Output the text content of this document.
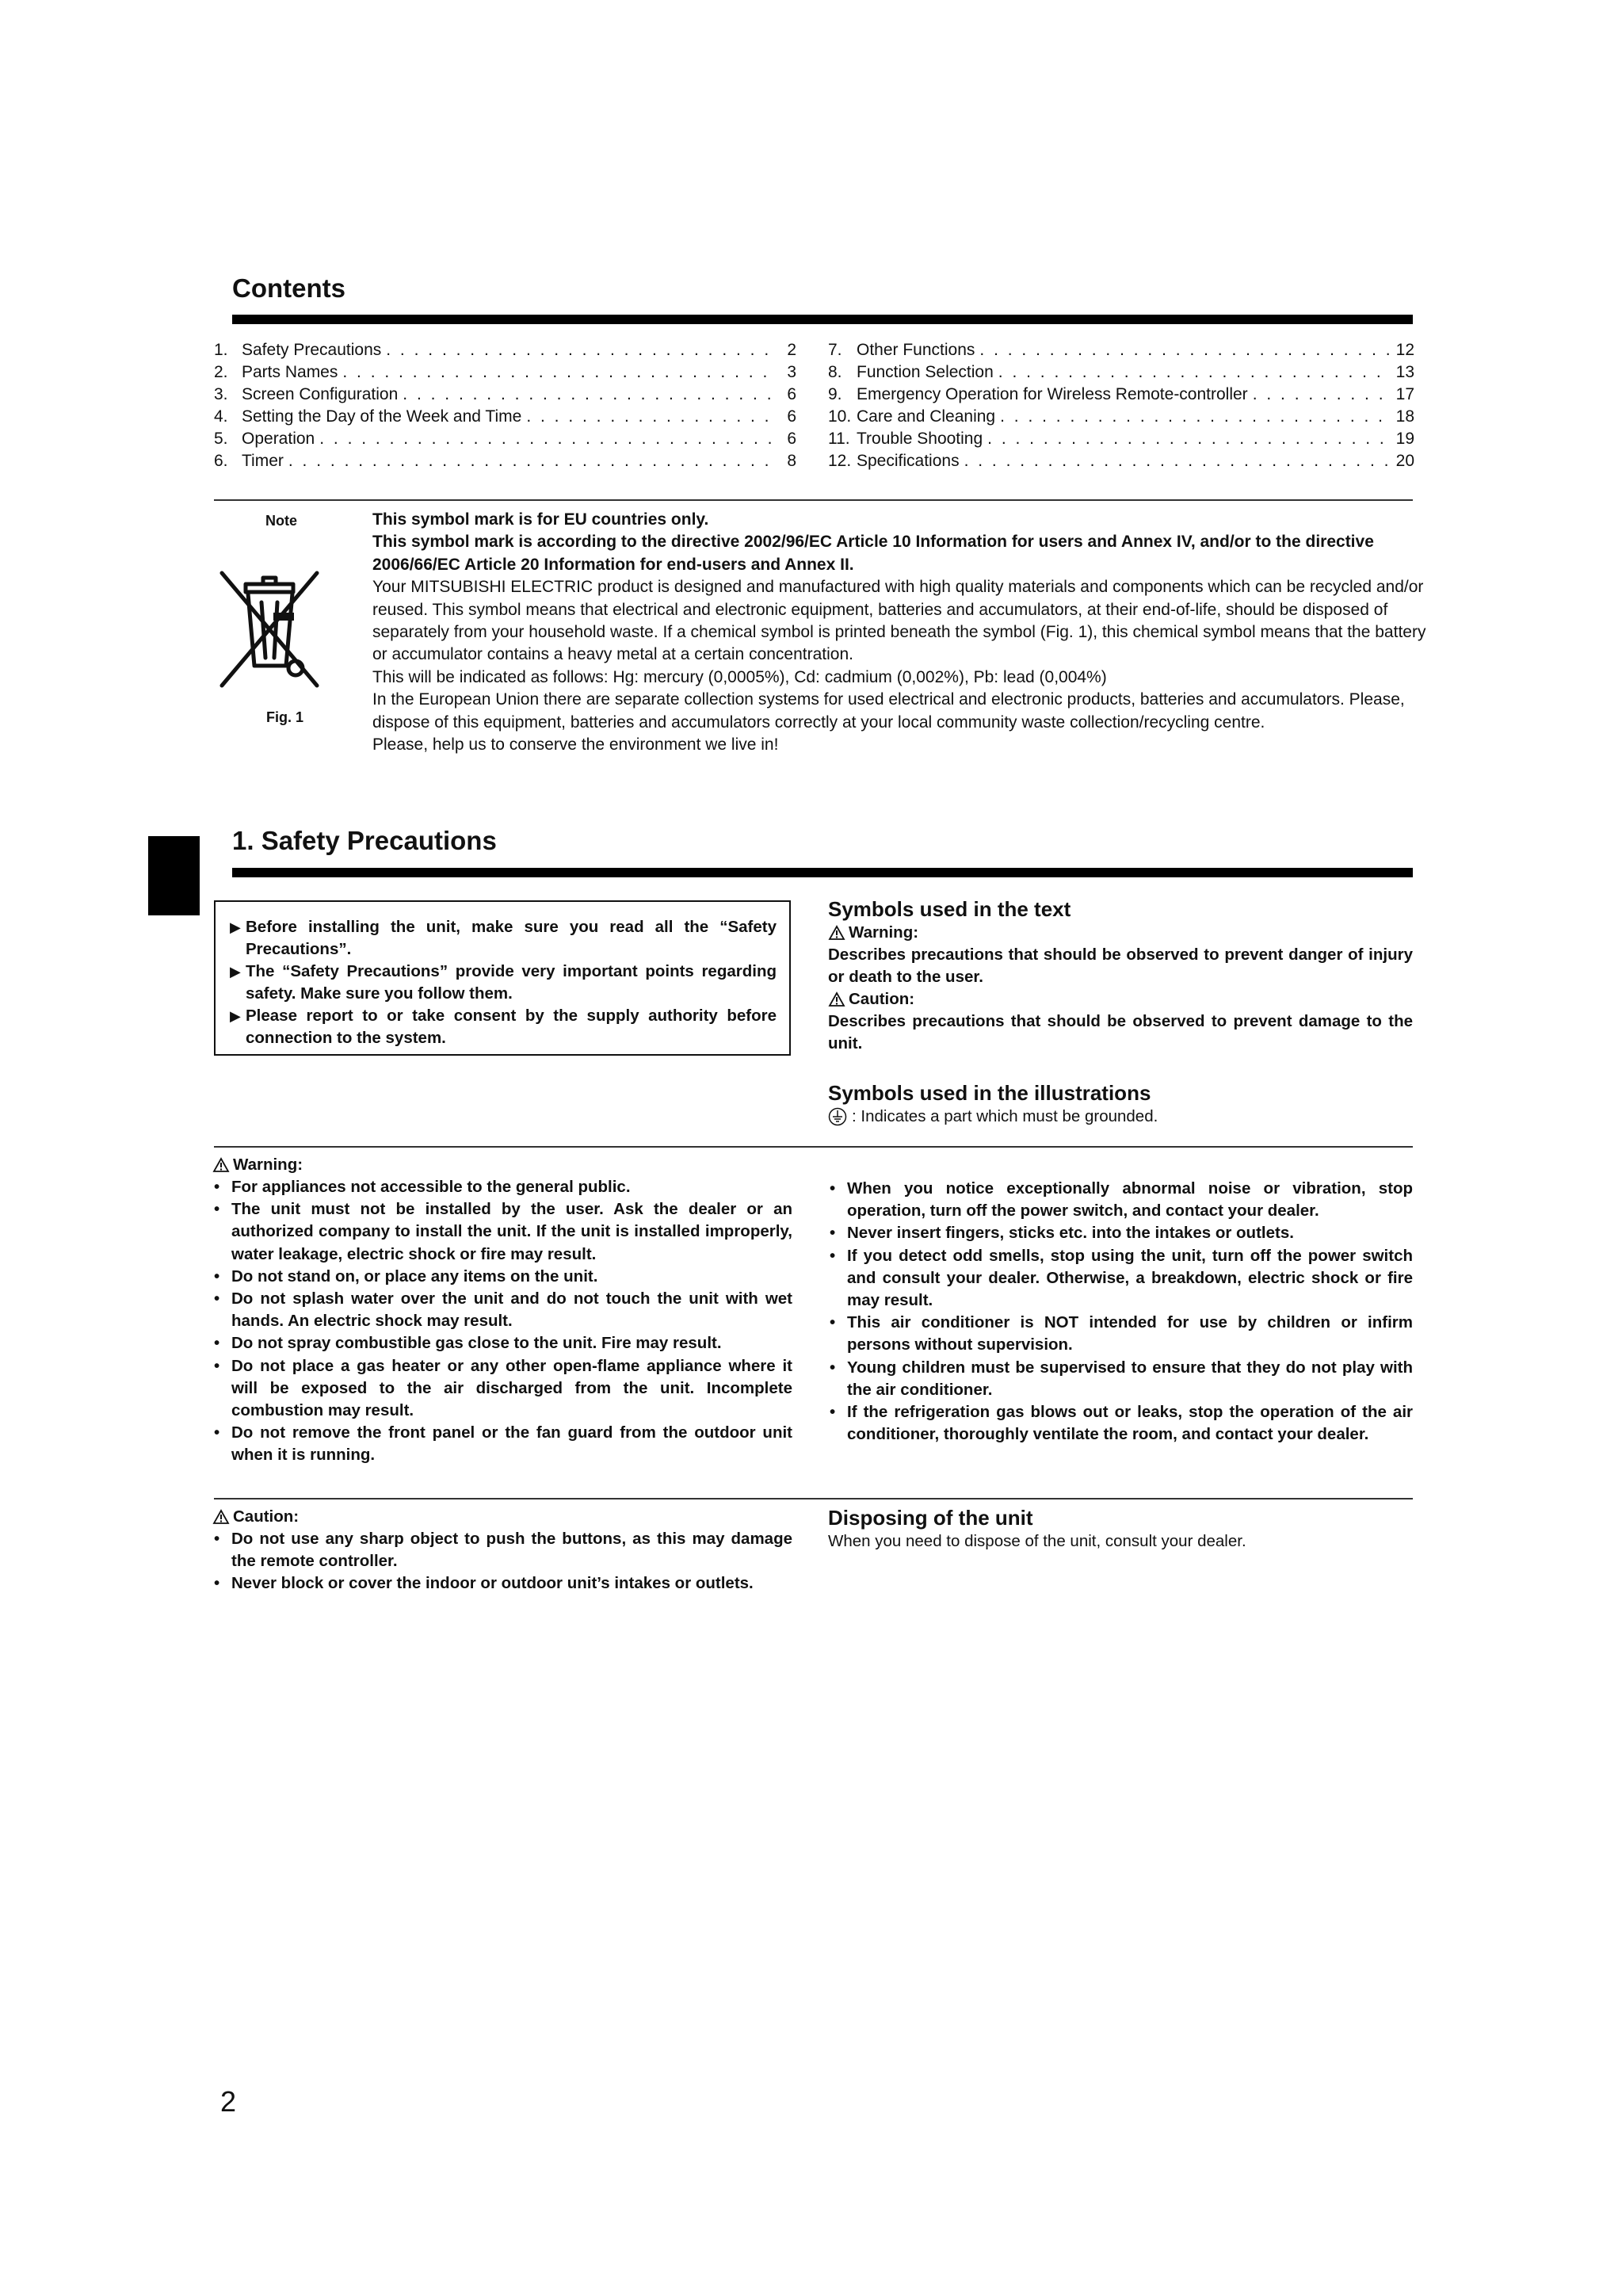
Contents
1. Safety Precautions . . .	2
2. Parts Names . . .	3
3. Screen Configuration . . .	6
4. Setting the Day of the Week and Time . . .	6
5. Operation . . .	6
6. Timer . . .	8
7. Other Functions . . .	12
8. Function Selection . . .	13
9. Emergency Operation for Wireless Remote-controller . . .	17
10. Care and Cleaning . . .	18
11. Trouble Shooting . . .	19
12. Specifications . . .	20
Note
Fig. 1

This symbol mark is for EU countries only.

This symbol mark is according to the directive 2002/96/EC Article 10 Information for users and Annex IV, and/or to the directive 2006/66/EC Article 20 Information for end-users and Annex II.

Your MITSUBISHI ELECTRIC product is designed and manufactured with high quality materials and components which can be recycled and/or reused. This symbol means that electrical and electronic equipment, batteries and accumulators, at their end-of-life, should be disposed of separately from your household waste. If a chemical symbol is printed beneath the symbol (Fig. 1), this chemical symbol means that the battery or accumulator contains a heavy metal at a certain concentration.

This will be indicated as follows: Hg: mercury (0,0005%), Cd: cadmium (0,002%), Pb: lead (0,004%)

In the European Union there are separate collection systems for used electrical and electronic products, batteries and accumulators. Please, dispose of this equipment, batteries and accumulators correctly at your local community waste collection/recycling centre.

Please, help us to conserve the environment we live in!

1. Safety Precautions
▶ Before installing the unit, make sure you read all the “Safety Precautions”.
▶ The “Safety Precautions” provide very important points regarding safety. Make sure you follow them.
▶ Please report to or take consent by the supply authority before connection to the system.
Symbols used in the text
Warning:
Describes precautions that should be observed to prevent danger of injury or death to the user.
Caution:
Describes precautions that should be observed to prevent damage to the unit.
Symbols used in the illustrations
: Indicates a part which must be grounded.
Warning:
• For appliances not accessible to the general public.
• The unit must not be installed by the user. Ask the dealer or an authorized company to install the unit. If the unit is installed improperly, water leakage, electric shock or fire may result.
• Do not stand on, or place any items on the unit.
• Do not splash water over the unit and do not touch the unit with wet hands. An electric shock may result.
• Do not spray combustible gas close to the unit. Fire may result.
• Do not place a gas heater or any other open-flame appliance where it will be exposed to the air discharged from the unit. Incomplete combustion may result.
• Do not remove the front panel or the fan guard from the outdoor unit when it is running.
• When you notice exceptionally abnormal noise or vibration, stop operation, turn off the power switch, and contact your dealer.
• Never insert fingers, sticks etc. into the intakes or outlets.
• If you detect odd smells, stop using the unit, turn off the power switch and consult your dealer. Otherwise, a breakdown, electric shock or fire may result.
• This air conditioner is NOT intended for use by children or infirm persons without supervision.
• Young children must be supervised to ensure that they do not play with the air conditioner.
• If the refrigeration gas blows out or leaks, stop the operation of the air conditioner, thoroughly ventilate the room, and contact your dealer.
Caution:
• Do not use any sharp object to push the buttons, as this may damage the remote controller.
• Never block or cover the indoor or outdoor unit’s intakes or outlets.
Disposing of the unit
When you need to dispose of the unit, consult your dealer.
2
